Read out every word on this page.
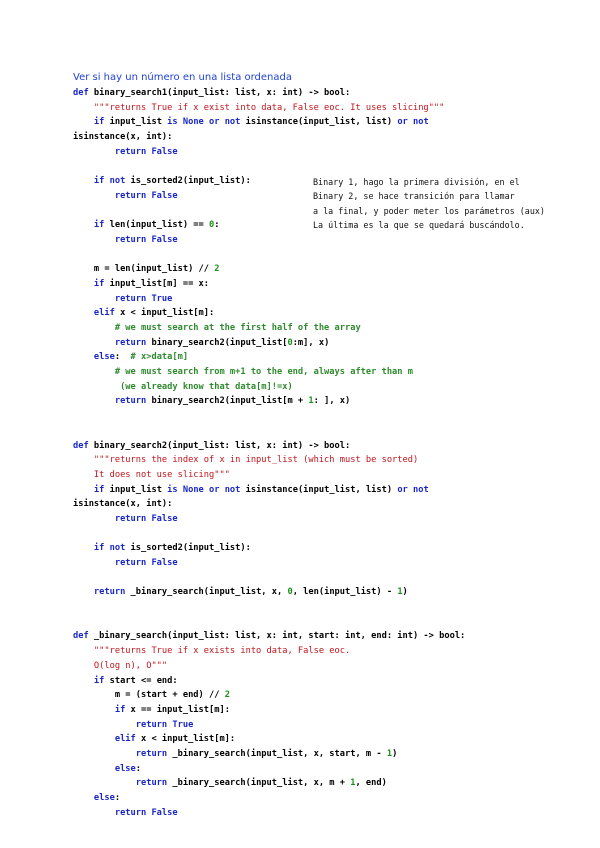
Ver si hay un número en una lista ordenada
def binary_search1(input_list: list, x: int) -> bool:
"""returns True if x exist into data, False eoc. It uses slicing"""
if input_list is None or not isinstance(input_list, list) or not
isinstance(x, int):
return False
if not is_sorted2(input_list):
return False
if len(input_list) == 0:
return False
m = len(input_list) // 2
if input_list[m] == x:
return True
elif x < input_list[m]:
# we must search at the first half of the array
return binary_search2(input_list[0:m], x)
else:  # x>data[m]
# we must search from m+1 to the end, always after than m
(we already know that data[m]!=x)
return binary_search2(input_list[m + 1: ], x)
def binary_search2(input_list: list, x: int) -> bool:
"""returns the index of x in input_list (which must be sorted)
It does not use slicing"""
if input_list is None or not isinstance(input_list, list) or not
isinstance(x, int):
return False
if not is_sorted2(input_list):
return False
return _binary_search(input_list, x, 0, len(input_list) - 1)
def _binary_search(input_list: list, x: int, start: int, end: int) -> bool:
"""returns True if x exists into data, False eoc.
O(log n), O"""
if start <= end:
m = (start + end) // 2
if x == input_list[m]:
return True
elif x < input_list[m]:
return _binary_search(input_list, x, start, m - 1)
else:
return _binary_search(input_list, x, m + 1, end)
else:
return False
Binary 1, hago la primera división, en el
Binary 2, se hace transición para llamar
a la final, y poder meter los parámetros (aux)
La última es la que se quedará buscándolo.
